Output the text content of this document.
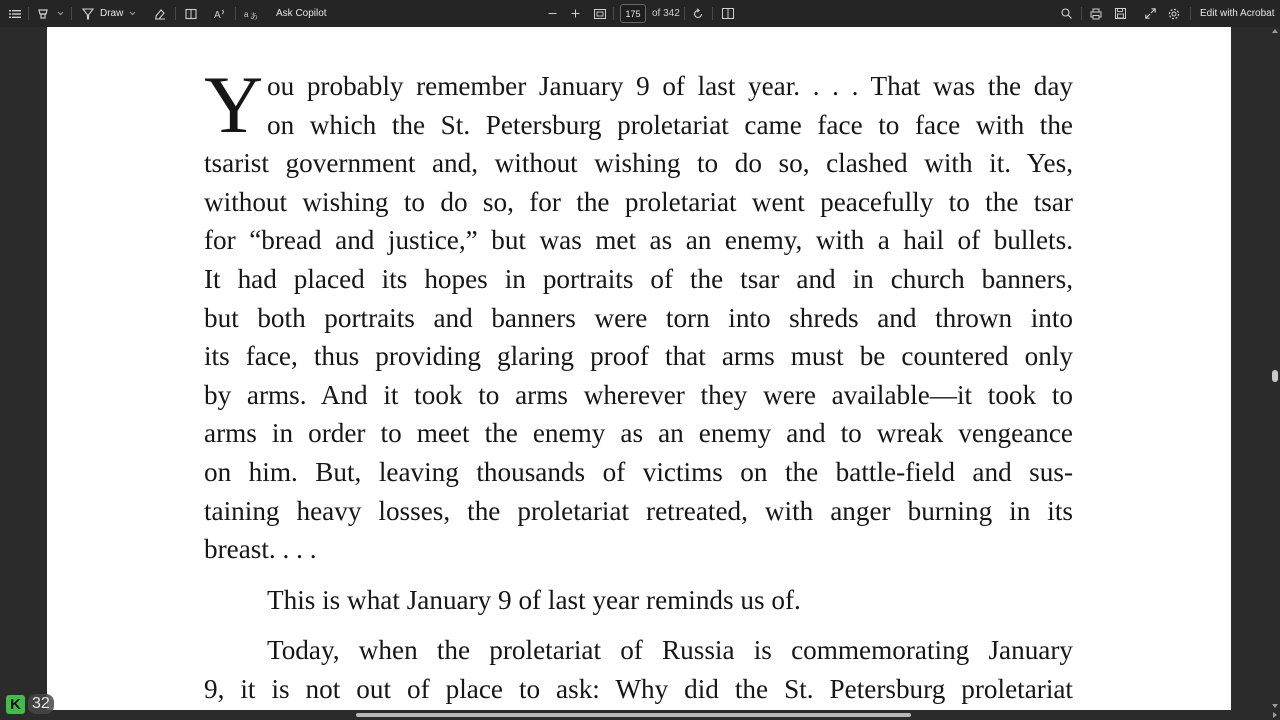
Draw	A	a あ Ask Copilot	175	of 342	Edit with Acrobat
Y ou probably remember January 9 of last year. . . . That was the day
on which the St. Petersburg proletariat came face to face with the
tsarist government and, without wishing to do so, clashed with it. Yes,
without wishing to do so, for the proletariat went peacefully to the tsar
for “bread and justice,” but was met as an enemy, with a hail of bullets.
It had placed its hopes in portraits of the tsar and in church banners,
but both portraits and banners were torn into shreds and thrown into
its face, thus providing glaring proof that arms must be countered only
by arms. And it took to arms wherever they were available—it took to
arms in order to meet the enemy as an enemy and to wreak vengeance
on him. But, leaving thousands of victims on the battle-field and sus-
taining heavy losses, the proletariat retreated, with anger burning in its
breast. . . .
This is what January 9 of last year reminds us of.
Today, when the proletariat of Russia is commemorating January
9, it is not out of place to ask: Why did the St. Petersburg proletariat
K 32
